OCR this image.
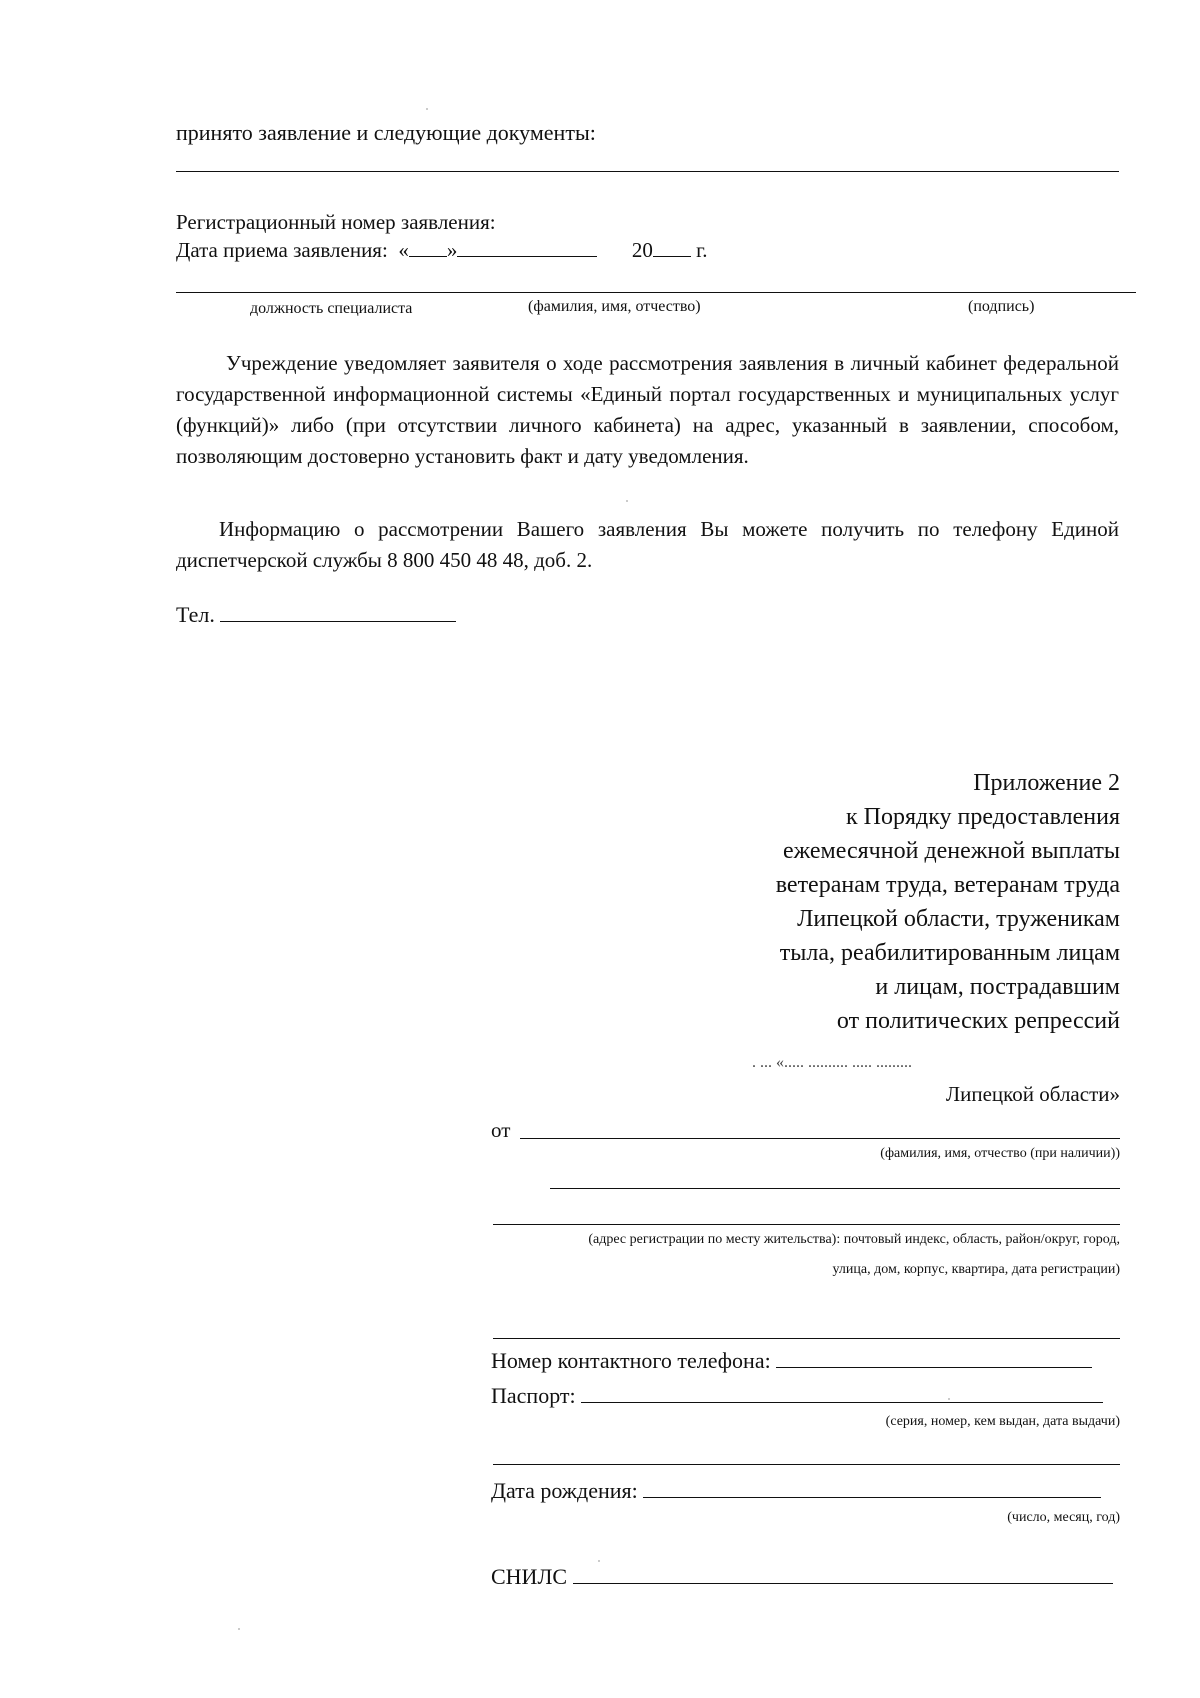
принято заявление и следующие документы:
Регистрационный номер заявления:
Дата приема заявления: « »	20 г.
должность специалиста	(фамилия, имя, отчество)	(подпись)
Учреждение уведомляет заявителя о ходе рассмотрения заявления в личный кабинет федеральной государственной информационной системы «Единый портал государственных и муниципальных услуг (функций)» либо (при отсутствии личного кабинета) на адрес, указанный в заявлении, способом, позволяющим достоверно установить факт и дату уведомления.
Информацию о рассмотрении Вашего заявления Вы можете получить по телефону Единой диспетчерской службы 8 800 450 48 48, доб. 2.
Тел.
Приложение 2
к Порядку предоставления
ежемесячной денежной выплаты
ветеранам труда, ветеранам труда
Липецкой области, труженикам
тыла, реабилитированным лицам
и лицам, пострадавшим
от политических репрессий
. ... «..... .......... ..... .........
Липецкой области»
от
(фамилия, имя, отчество (при наличии))
(адрес регистрации по месту жительства): почтовый индекс, область, район/округ, город,
улица, дом, корпус, квартира, дата регистрации)
Номер контактного телефона:
Паспорт:
(серия, номер, кем выдан, дата выдачи)
Дата рождения:
(число, месяц, год)
СНИЛС
